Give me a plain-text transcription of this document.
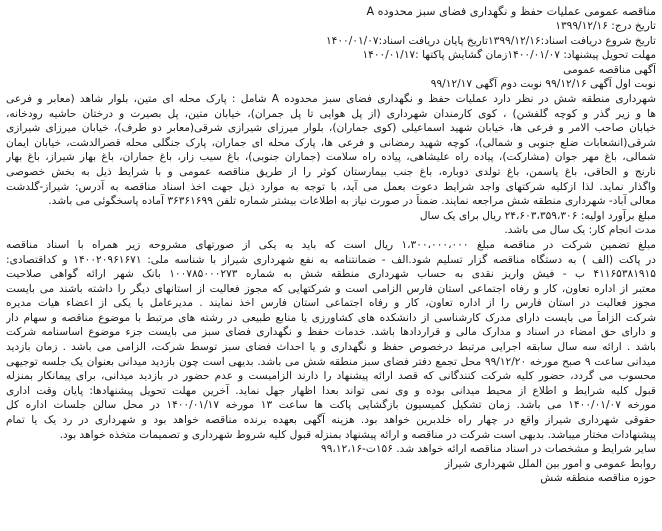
مناقصه عمومی عملیات حفظ و نگهداری فضای سبز محدوده A
تاریخ درج: ۱۳۹۹/۱۲/۱۶
تاریخ شروع دریافت اسناد:۱۳۹۹/۱۲/۱۶تاریخ پایان دریافت اسناد:۱۴۰۰/۰۱/۰۷
مهلت تحویل پیشنهاد: ۱۴۰۰/۰۱/۰۷زمان گشایش پاکتها :۱۴۰۰/۰۱/۱۷
آگهی مناقصه عمومی
نوبت اول آگهی ۹۹/۱۲/۱۶ نوبت دوم آگهی ۹۹/۱۲/۱۷
شهرداری منطقه شش در نظر دارد عملیات حفظ و نگهداری فضای سبز محدوده A شامل : پارک محله ای متین، بلوار شاهد (معابر و فرعی
ها و زیر گذر و کوچه گلفشن) ، کوی کارمندان شهرداری (از پل هوایی تا پل جمران)، خیابان متین، پل بصیرت و درختان حاشیه رودخانه،
خیابان صاحب الامر و فرعی ها، خیابان شهید اسماعیلی (کوی جماران)، بلوار میرزای شیرازی شرقی(معابر دو طرف)، خیابان میرزای شیرازی
شرقی(انشعابات ضلع جنوبی و شمالی)، کوچه شهید رمضانی و فرعی ها، پارک محله ای جماران، پارک جنگلی محله قصرالدشت، خیابان ایمان
شمالی، باغ مهر جوان (مشارکت)، پیاده راه علیشاهی، پیاده راه سلامت (جماران جنوبی)، باغ سیب زار، باغ جماران، باغ بهار شیراز، باغ بهار
نارنج و الحاقی، باغ یاسمن، باغ تولدی دوباره، باغ جنب بیمارستان کوثر را از طریق مناقصه عمومی و با شرایط ذیل به بخش خصوصی
واگذار نماید. لذا ازکلیه شرکتهای واجد شرایط دعوت بعمل می آید، با توجه به موارد ذیل جهت اخذ اسناد مناقصه به آدرس: شیراز-گلدشت
معالی آباد- شهرداری منطقه شش مراجعه نمایند. ضمناً در صورت نیاز به اطلاعات بیشتر شماره تلفن ۳۶۳۶۱۶۹۹ آماده پاسخگوئی می باشد.
مبلغ برآورد اولیه: ۲۴،۶۰۳،۳۵۹،۳۰۶ ریال برای یک سال
مدت انجام کار: یک سال می باشد.
مبلغ تضمین شرکت در مناقصه مبلغ ۱،۳۰۰،۰۰۰،۰۰۰ ریال است که باید به یکی از صورتهای مشروحه زیر همراه با اسناد مناقصه
در پاکت (الف ) به دستگاه مناقصه گزار تسلیم شود.الف - ضمانتنامه به نفع شهرداری شیراز با شناسه ملی: ۱۴۰۰۲۰۹۶۱۶۷۱ و کداقتصادی:
۴۱۱۶۵۳۸۱۹۱۵ ب - فیش واریز نقدی به حساب شهرداری منطقه شش به شماره ۱۰۰۷۸۵۰۰۰۲۷۳ بانک شهر ارائه گواهی صلاحیت
معتبر از اداره تعاون، کار و رفاه اجتماعی استان فارس الزامی است و شرکتهایی که مجوز فعالیت از استانهای دیگر را داشته باشند می بایست
مجوز فعالیت در استان فارس را از اداره تعاون، کار و رفاه اجتماعی استان فارس اخذ نمایند . مدیرعامل یا یکی از اعضاء هیات مدیره
شرکت الزاماً می بایست دارای مدرک کارشناسی از دانشکده های کشاورزی یا منابع طبیعی در رشته های مرتبط با موضوع مناقصه و سهام دار
و دارای حق امضاء در اسناد و مدارک مالی و قراردادها باشد. خدمات حفظ و نگهداری فضای سبز می بایست جزء موضوع اساسنامه شرکت
باشد . ارائه سه سال سابقه اجرایی مرتبط درخصوص حفظ و نگهداری و یا احداث فضای سبز توسط شرکت، الزامی می باشد . زمان بازدید
میدانی ساعت ۹ صبح مورخه ۹۹/۱۲/۲۰ محل تجمع دفتر فضای سبز منطقه شش می باشد. بدیهی است چون بازدید میدانی بعنوان یک جلسه توجیهی
محسوب می گردد، حضور کلیه شرکت کنندگانی که قصد ارائه پیشنهاد را دارند الزامیست و عدم حضور در بازدید میدانی، برای پیمانکار بمنزله
قبول کلیه شرایط و اطلاع از محیط میدانی بوده و وی نمی تواند بعدا اظهار جهل نماید. آخرین مهلت تحویل پیشنهادها: پایان وقت اداری
مورخه ۱۴۰۰/۰۱/۰۷ می باشد. زمان تشکیل کمیسیون بازگشایی پاکت ها ساعت ۱۳ مورخه ۱۴۰۰/۰۱/۱۷ در محل سالن جلسات اداره کل
حقوقی شهرداری شیراز واقع در چهار راه خلدبرین خواهد بود. هزینه آگهی بعهده برنده مناقصه خواهد بود و شهرداری در رد یک یا تمام
پیشنهادات مختار میباشد. بدیهی است شرکت در مناقصه و ارائه پیشنهاد بمنزله قبول کلیه شروط شهرداری و تصمیمات متخذه خواهد بود.
سایر شرایط و مشخصات در اسناد مناقصه ارائه خواهد شد. ۱۵۶ت-۹۹،۱۲،۱۶
روابط عمومی و امور بین الملل شهرداری شیراز
حوزه مناقصه منطقه شش
